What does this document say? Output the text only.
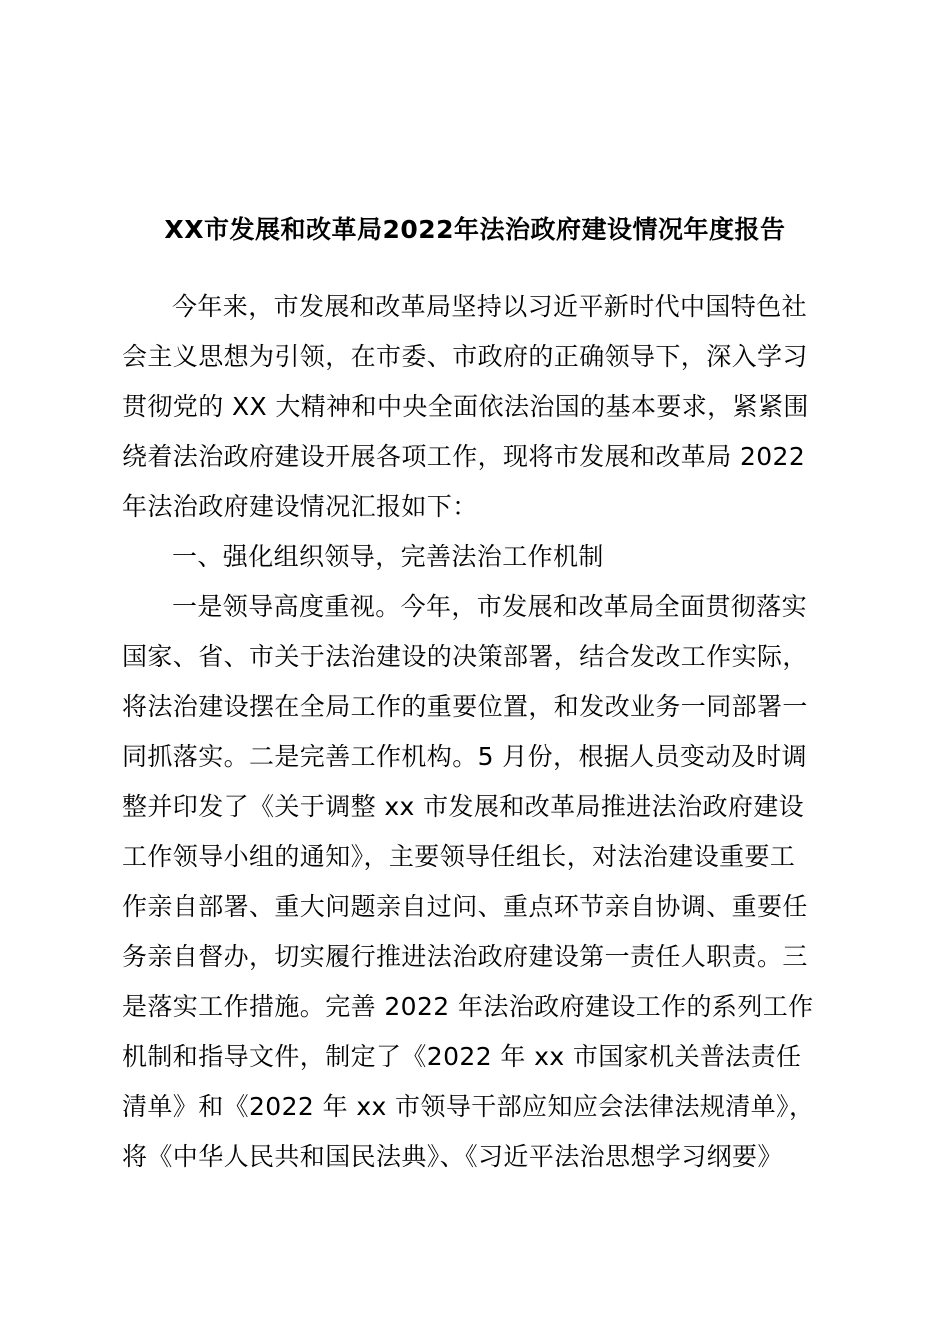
XX市发展和改革局2022年法治政府建设情况年度报告
今年来，市发展和改革局坚持以习近平新时代中国特色社
会主义思想为引领，在市委、市政府的正确领导下，深入学习
贯彻党的 XX 大精神和中央全面依法治国的基本要求，紧紧围
绕着法治政府建设开展各项工作，现将市发展和改革局 2022
年法治政府建设情况汇报如下：
一、强化组织领导，完善法治工作机制
一是领导高度重视。今年，市发展和改革局全面贯彻落实
国家、省、市关于法治建设的决策部署，结合发改工作实际，
将法治建设摆在全局工作的重要位置，和发改业务一同部署一
同抓落实。二是完善工作机构。5 月份，根据人员变动及时调
整并印发了《关于调整 xx 市发展和改革局推进法治政府建设
工作领导小组的通知》，主要领导任组长，对法治建设重要工
作亲自部署、重大问题亲自过问、重点环节亲自协调、重要任
务亲自督办，切实履行推进法治政府建设第一责任人职责。三
是落实工作措施。完善 2022 年法治政府建设工作的系列工作
机制和指导文件，制定了《2022 年 xx 市国家机关普法责任
清单》和《2022 年 xx 市领导干部应知应会法律法规清单》，
将《中华人民共和国民法典》、《习近平法治思想学习纲要》
